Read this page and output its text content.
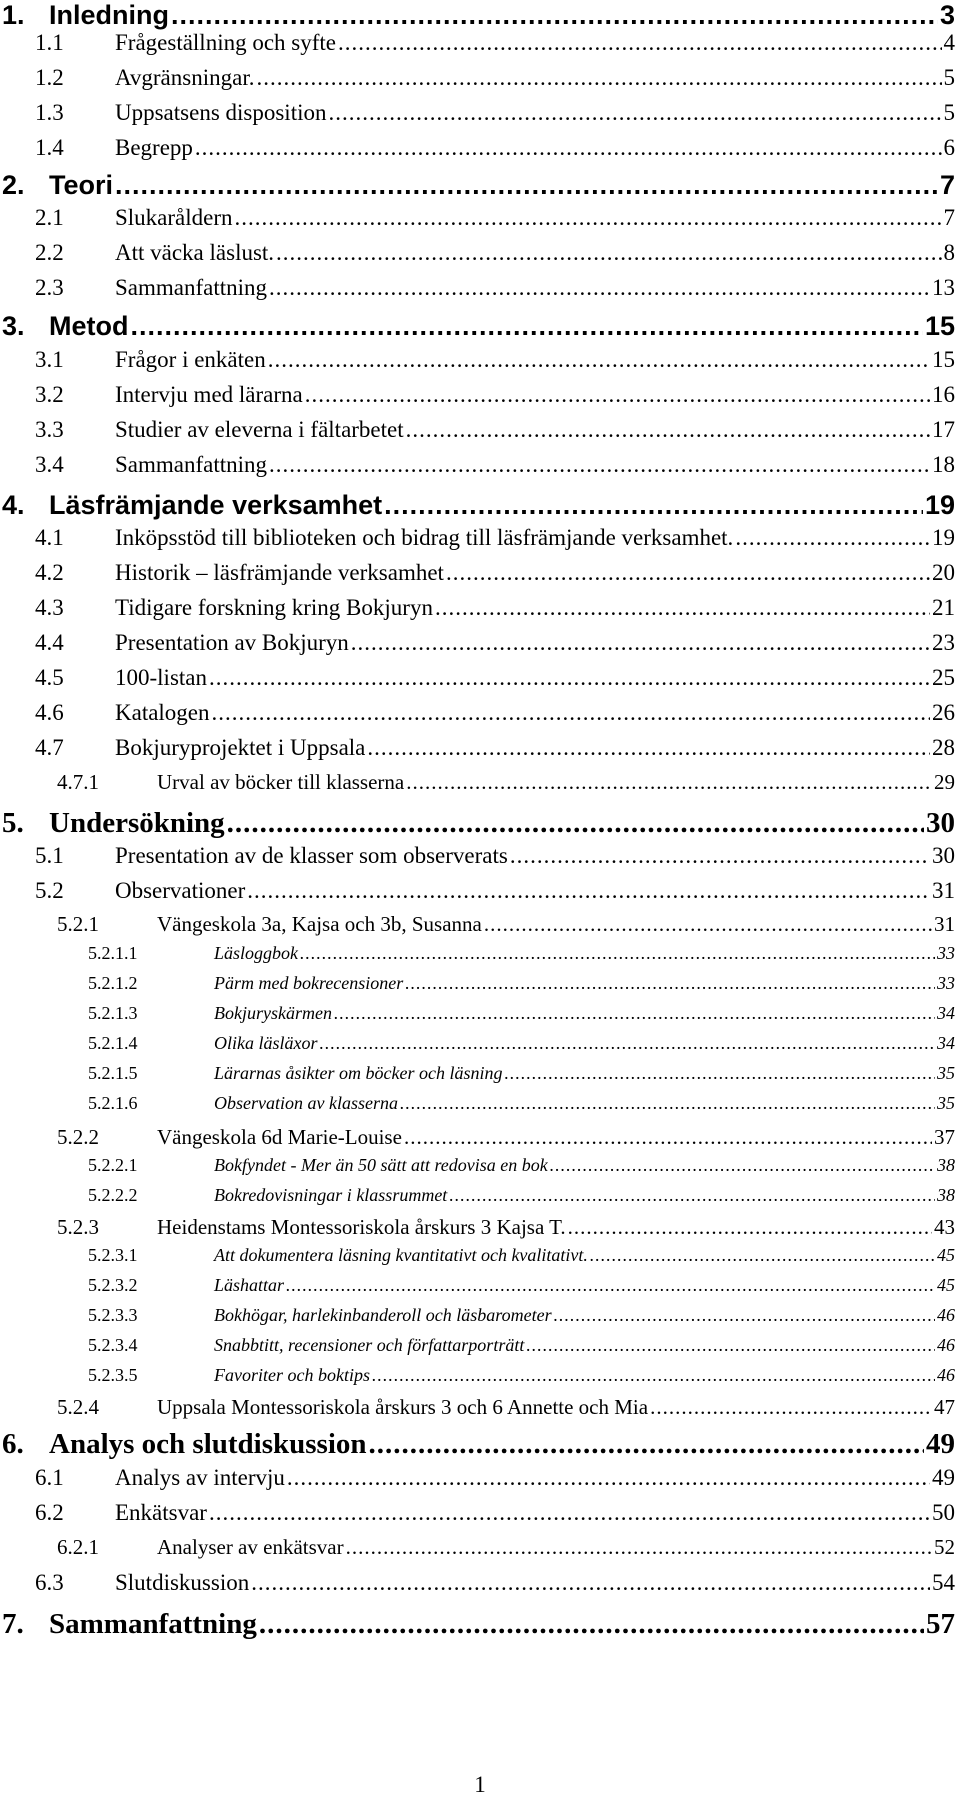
1. Inledning .....	3
1.1	Frågeställning och syfte .....	4
1.2	Avgränsningar. .....	5
1.3	Uppsatsens disposition .....	5
1.4	Begrepp .....	6
2. Teori .....	7
2.1	Slukaråldern .....	7
2.2	Att väcka läslust. .....	8
2.3	Sammanfattning .....	13
3. Metod .....	15
3.1	Frågor i enkäten .....	15
3.2	Intervju med lärarna .....	16
3.3	Studier av eleverna i fältarbetet .....	17
3.4	Sammanfattning .....	18
4. Läsfrämjande verksamhet .....	19
4.1	Inköpsstöd till biblioteken och bidrag till läsfrämjande verksamhet. .....	19
4.2	Historik – läsfrämjande verksamhet .....	20
4.3	Tidigare forskning kring Bokjuryn .....	21
4.4	Presentation av Bokjuryn .....	23
4.5	100-listan .....	25
4.6	Katalogen .....	26
4.7	Bokjuryprojektet i Uppsala .....	28
4.7.1	Urval av böcker till klasserna .....	29
5. Undersökning .....	30
5.1	Presentation av de klasser som observerats .....	30
5.2	Observationer .....	31
5.2.1	Vängeskola 3a, Kajsa och 3b, Susanna .....	31
5.2.1.1	Läsloggbok .....	33
5.2.1.2	Pärm med bokrecensioner .....	33
5.2.1.3	Bokjuryskärmen .....	34
5.2.1.4	Olika läsläxor .....	34
5.2.1.5	Lärarnas åsikter om böcker och läsning .....	35
5.2.1.6	Observation av klasserna .....	35
5.2.2	Vängeskola 6d Marie-Louise .....	37
5.2.2.1	Bokfyndet - Mer än 50 sätt att redovisa en bok .....	38
5.2.2.2	Bokredovisningar i klassrummet .....	38
5.2.3	Heidenstams Montessoriskola årskurs 3 Kajsa T. .....	43
5.2.3.1	Att dokumentera läsning kvantitativt och kvalitativt. .....	45
5.2.3.2	Läshattar .....	45
5.2.3.3	Bokhögar, harlekinbanderoll och läsbarometer .....	46
5.2.3.4	Snabbtitt, recensioner och författarporträtt .....	46
5.2.3.5	Favoriter och boktips .....	46
5.2.4	Uppsala Montessoriskola årskurs 3 och 6 Annette och Mia .....	47
6. Analys och slutdiskussion .....	49
6.1	Analys av intervju .....	49
6.2	Enkätsvar .....	50
6.2.1	Analyser av enkätsvar .....	52
6.3	Slutdiskussion .....	54
7. Sammanfattning .....	57
1
